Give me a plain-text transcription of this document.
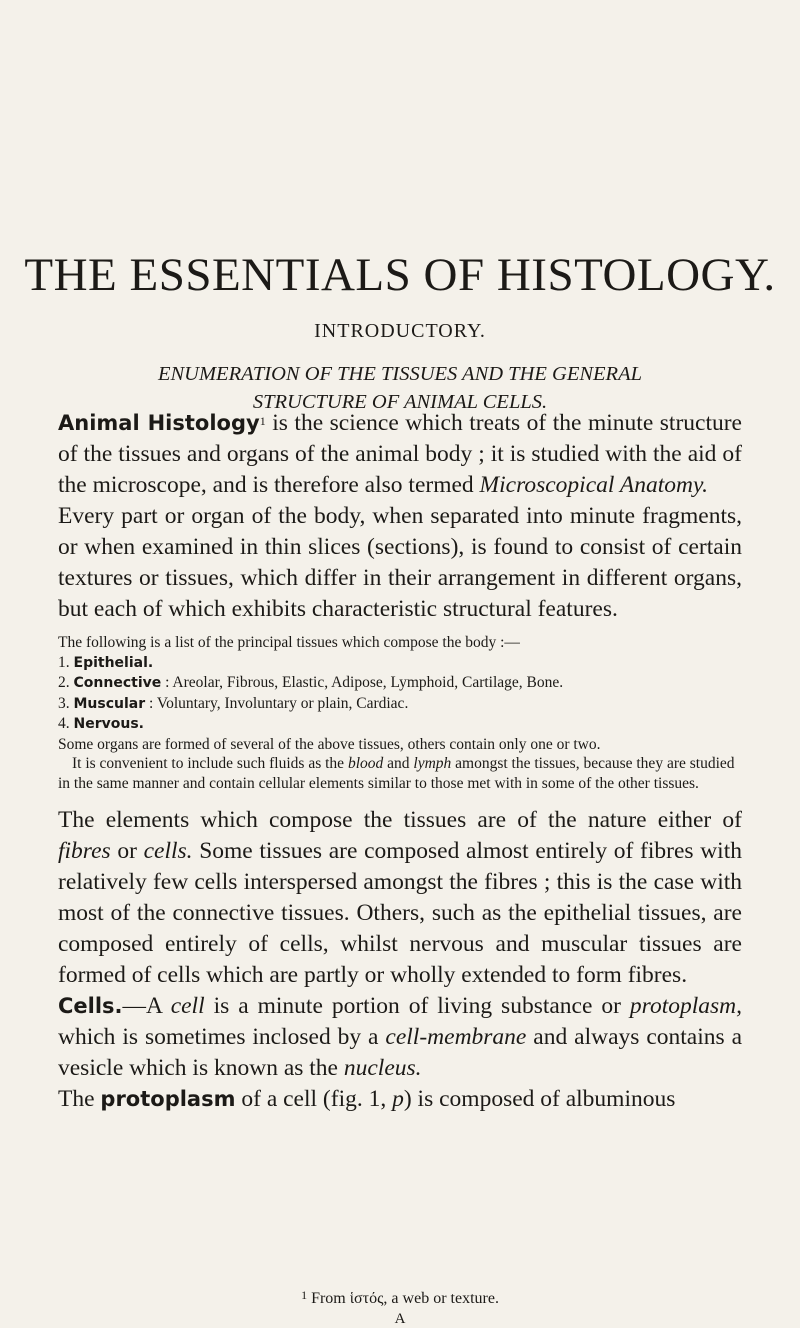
THE ESSENTIALS OF HISTOLOGY.
INTRODUCTORY.
ENUMERATION OF THE TISSUES AND THE GENERAL
STRUCTURE OF ANIMAL CELLS.

Animal Histology$^1$ is the science which treats of the minute structure of the tissues and organs of the animal body ; it is studied with the aid of the microscope, and is therefore also termed Microscopical Anatomy.

Every part or organ of the body, when separated into minute fragments, or when examined in thin slices (sections), is found to consist of certain textures or tissues, which differ in their arrangement in different organs, but each of which exhibits characteristic structural features.

The following is a list of the principal tissues which compose the body :—

1. Epithelial.

2. Connective : Areolar, Fibrous, Elastic, Adipose, Lymphoid, Cartilage, Bone.

3. Muscular : Voluntary, Involuntary or plain, Cardiac.

4. Nervous.

Some organs are formed of several of the above tissues, others contain only one or two.

It is convenient to include such fluids as the blood and lymph amongst the tissues, because they are studied in the same manner and contain cellular elements similar to those met with in some of the other tissues.

The elements which compose the tissues are of the nature either of fibres or cells. Some tissues are composed almost entirely of fibres with relatively few cells interspersed amongst the fibres ; this is the case with most of the connective tissues. Others, such as the epithelial tissues, are composed entirely of cells, whilst nervous and muscular tissues are formed of cells which are partly or wholly extended to form fibres.

Cells.—A cell is a minute portion of living substance or protoplasm, which is sometimes inclosed by a cell-membrane and always contains a vesicle which is known as the nucleus.

The protoplasm of a cell (fig. 1, p) is composed of albuminous

$^1$ From ἱστός, a web or texture.
A
